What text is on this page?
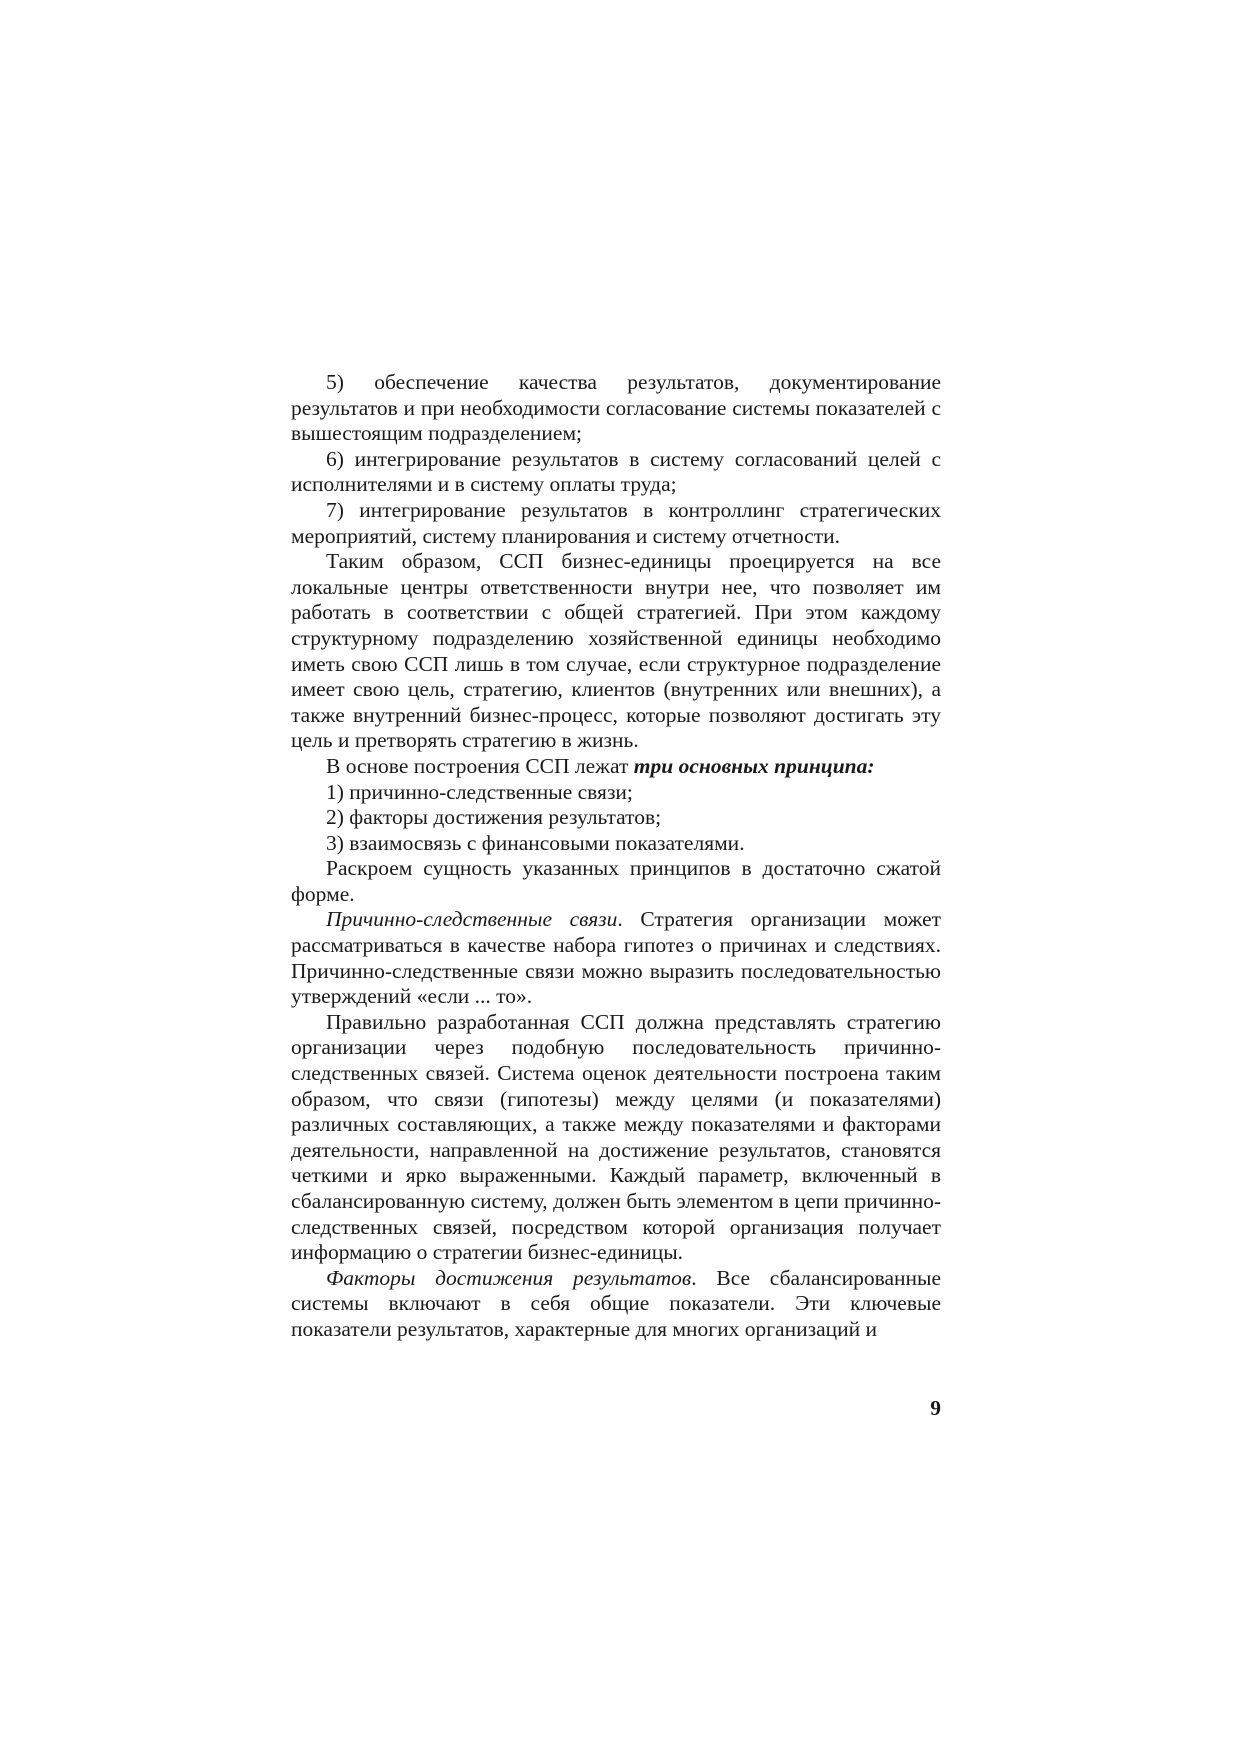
5) обеспечение качества результатов, документирование результатов и при необходимости согласование системы показателей с вышестоящим подразделением;

6) интегрирование результатов в систему согласований целей с исполнителями и в систему оплаты труда;

7) интегрирование результатов в контроллинг стратегических мероприятий, систему планирования и систему отчетности.

Таким образом, ССП бизнес-единицы проецируется на все локальные центры ответственности внутри нее, что позволяет им работать в соответствии с общей стратегией. При этом каждому структурному подразделению хозяйственной единицы необходимо иметь свою ССП лишь в том случае, если структурное подразделение имеет свою цель, стратегию, клиентов (внутренних или внешних), а также внутренний бизнес-процесс, которые позволяют достигать эту цель и претворять стратегию в жизнь.

В основе построения ССП лежат три основных принципа:

1) причинно-следственные связи;

2) факторы достижения результатов;

3) взаимосвязь с финансовыми показателями.

Раскроем сущность указанных принципов в достаточно сжатой форме.

Причинно-следственные связи. Стратегия организации может рассматриваться в качестве набора гипотез о причинах и следствиях. Причинно-следственные связи можно выразить последовательностью утверждений «если ... то».

Правильно разработанная ССП должна представлять стратегию организации через подобную последовательность причинно-следственных связей. Система оценок деятельности построена таким образом, что связи (гипотезы) между целями (и показателями) различных составляющих, а также между показателями и факторами деятельности, направленной на достижение результатов, становятся четкими и ярко выраженными. Каждый параметр, включенный в сбалансированную систему, должен быть элементом в цепи причинно-следственных связей, посредством которой организация получает информацию о стратегии бизнес-единицы.

Факторы достижения результатов. Все сбалансированные системы включают в себя общие показатели. Эти ключевые показатели результатов, характерные для многих организаций и

9
